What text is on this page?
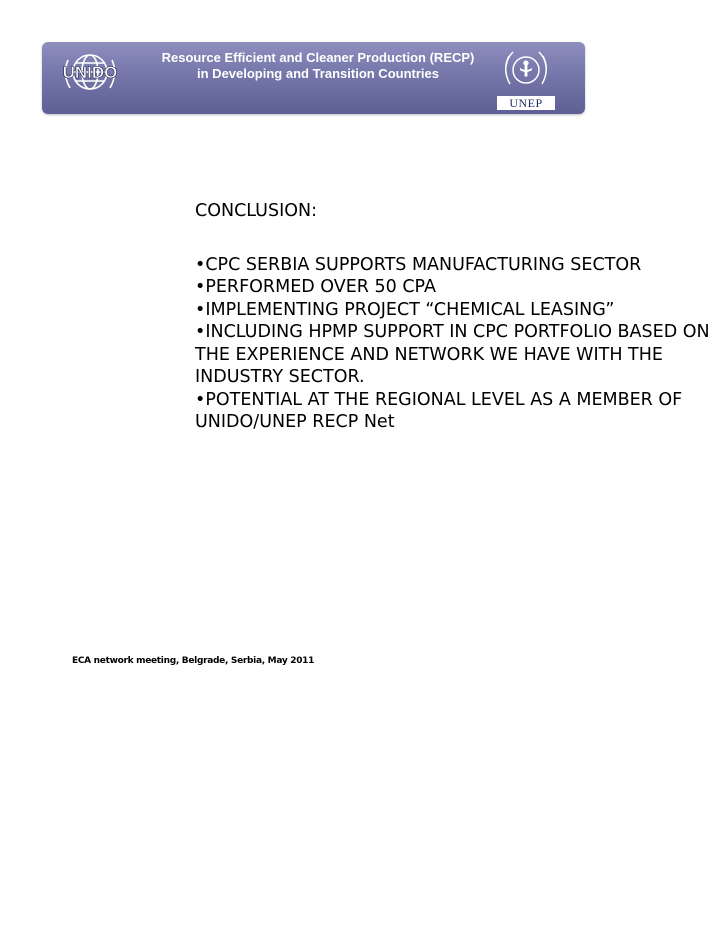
UNIDO
Resource Efficient and Cleaner Production (RECP)
in Developing and Transition Countries
UNEP
CONCLUSION:
•CPC SERBIA SUPPORTS MANUFACTURING SECTOR
•PERFORMED OVER 50 CPA
•IMPLEMENTING PROJECT “CHEMICAL LEASING”
•INCLUDING HPMP SUPPORT IN CPC PORTFOLIO BASED ON
THE EXPERIENCE AND NETWORK WE HAVE WITH THE
INDUSTRY SECTOR.
•POTENTIAL AT THE REGIONAL LEVEL AS A MEMBER OF
UNIDO/UNEP RECP Net
ECA network meeting, Belgrade, Serbia, May 2011
